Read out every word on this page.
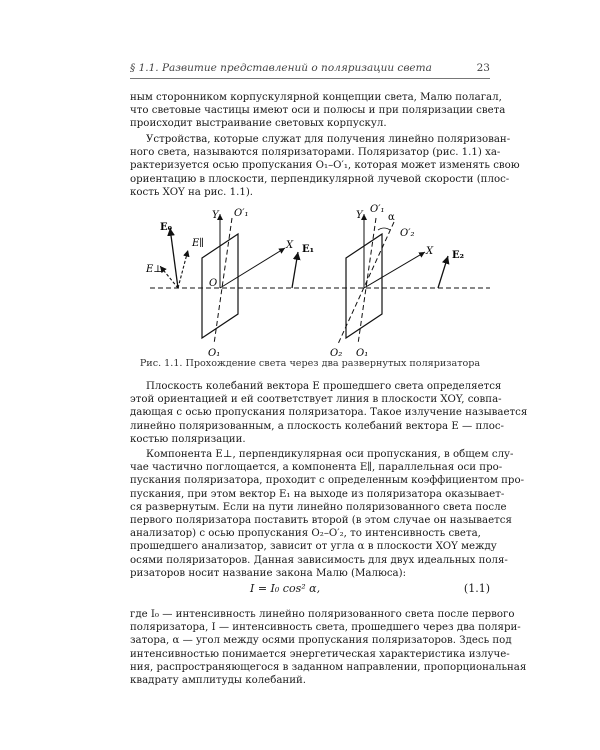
§ 1.1. Развитие представлений о поляризации света	23

ным сторонником корпускулярной концепции света, Малю полагал,
что световые частицы имеют оси и полюсы и при поляризации света
происходит выстраивание световых корпускул.

Устройства, которые служат для получения линейно поляризован-
ного света, называются поляризаторами. Поляризатор (рис. 1.1) ха-
рактеризуется осью пропускания O₁–O′₁, которая может изменять свою
ориентацию в плоскости, перпендикулярной лучевой скорости (плос-
кость XOY на рис. 1.1).

E₀
E∥
E⊥
Y O′₁
X
O
O₁
E₁
Y
O′₁
α
O′₂
X
O₂ O₁
E₂
Рис. 1.1. Прохождение света через два развернутых поляризатора

Плоскость колебаний вектора E прошедшего света определяется
этой ориентацией и ей соответствует линия в плоскости XOY, совпа-
дающая с осью пропускания поляризатора. Такое излучение называется
линейно поляризованным, а плоскость колебаний вектора E — плос-
костью поляризации.

Компонента E⊥, перпендикулярная оси пропускания, в общем слу-
чае частично поглощается, а компонента E∥, параллельная оси про-
пускания поляризатора, проходит с определенным коэффициентом про-
пускания, при этом вектор E₁ на выходе из поляризатора оказывает-
ся развернутым. Если на пути линейно поляризованного света после
первого поляризатора поставить второй (в этом случае он называется
анализатор) с осью пропускания O₂–O′₂, то интенсивность света,
прошедшего анализатор, зависит от угла α в плоскости XOY между
осями поляризаторов. Данная зависимость для двух идеальных поля-
ризаторов носит название закона Малю (Малюса):

I = I₀ cos² α,	(1.1)

где I₀ — интенсивность линейно поляризованного света после первого
поляризатора, I — интенсивность света, прошедшего через два поляри-
затора, α — угол между осями пропускания поляризаторов. Здесь под
интенсивностью понимается энергетическая характеристика излуче-
ния, распространяющегося в заданном направлении, пропорциональная
квадрату амплитуды колебаний.
